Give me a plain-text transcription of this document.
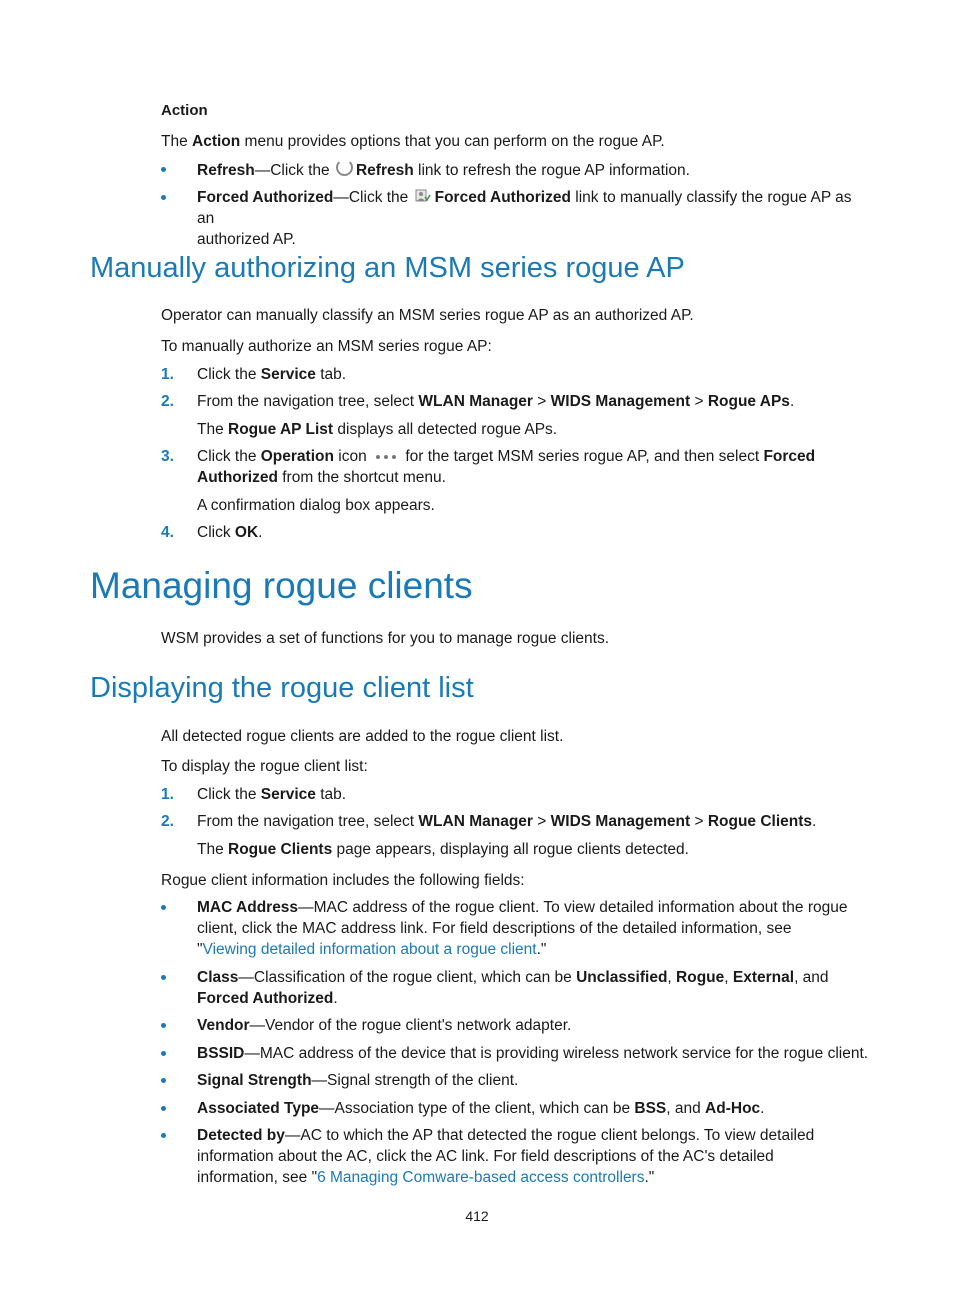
Action
The Action menu provides options that you can perform on the rogue AP.
Refresh—Click the Refresh link to refresh the rogue AP information.
Forced Authorized—Click the Forced Authorized link to manually classify the rogue AP as an
authorized AP.
Manually authorizing an MSM series rogue AP
Operator can manually classify an MSM series rogue AP as an authorized AP.
To manually authorize an MSM series rogue AP:
1. Click the Service tab.
2. From the navigation tree, select WLAN Manager > WIDS Management > Rogue APs.
The Rogue AP List displays all detected rogue APs.
3. Click the Operation icon  for the target MSM series rogue AP, and then select Forced
Authorized from the shortcut menu.
A confirmation dialog box appears.
4. Click OK.
Managing rogue clients
WSM provides a set of functions for you to manage rogue clients.
Displaying the rogue client list
All detected rogue clients are added to the rogue client list.
To display the rogue client list:
1. Click the Service tab.
2. From the navigation tree, select WLAN Manager > WIDS Management > Rogue Clients.
The Rogue Clients page appears, displaying all rogue clients detected.
Rogue client information includes the following fields:
MAC Address—MAC address of the rogue client. To view detailed information about the rogue
client, click the MAC address link. For field descriptions of the detailed information, see
"Viewing detailed information about a rogue client."
Class—Classification of the rogue client, which can be Unclassified, Rogue, External, and
Forced Authorized.
Vendor—Vendor of the rogue client's network adapter.
BSSID—MAC address of the device that is providing wireless network service for the rogue client.
Signal Strength—Signal strength of the client.
Associated Type—Association type of the client, which can be BSS, and Ad-Hoc.
Detected by—AC to which the AP that detected the rogue client belongs. To view detailed
information about the AC, click the AC link. For field descriptions of the AC's detailed
information, see "6 Managing Comware-based access controllers."
412
